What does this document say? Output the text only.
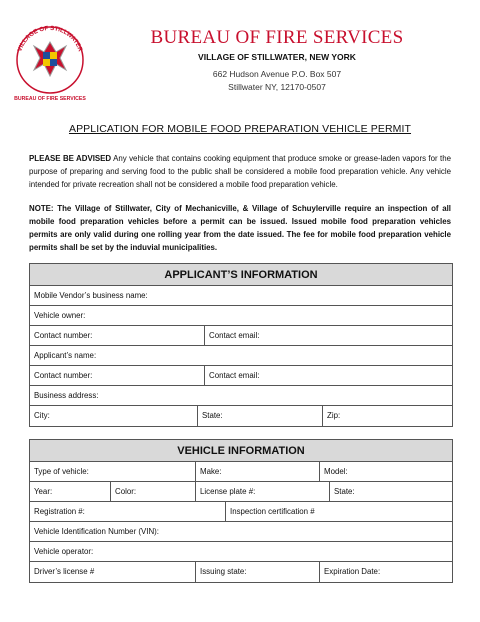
VILLAGE OF STILLWATER
BUREAU OF FIRE SERVICES
BUREAU OF FIRE SERVICES
VILLAGE OF STILLWATER, NEW YORK
662 Hudson Avenue P.O. Box 507
Stillwater NY, 12170-0507
APPLICATION FOR MOBILE FOOD PREPARATION VEHICLE PERMIT
PLEASE BE ADVISED Any vehicle that contains cooking equipment that produce smoke or grease-laden vapors for the purpose of preparing and serving food to the public shall be considered a mobile food preparation vehicle. Any vehicle intended for private recreation shall not be considered a mobile food preparation vehicle.
NOTE: The Village of Stillwater, City of Mechanicville, & Village of Schuylerville require an inspection of all mobile food preparation vehicles before a permit can be issued. Issued mobile food preparation vehicles permits are only valid during one rolling year from the date issued. The fee for mobile food preparation vehicle permits shall be set by the induvial municipalities.
APPLICANT’S INFORMATION
Mobile Vendor’s business name:
Vehicle owner:
Contact number:	Contact email:
Applicant’s name:
Contact number:	Contact email:
Business address:
City:	State:	Zip:
VEHICLE INFORMATION
Type of vehicle:	Make:	Model:
Year:	Color:	License plate #:	State:
Registration #:	Inspection certification #
Vehicle Identification Number (VIN):
Vehicle operator:
Driver’s license #	Issuing state:	Expiration Date:
